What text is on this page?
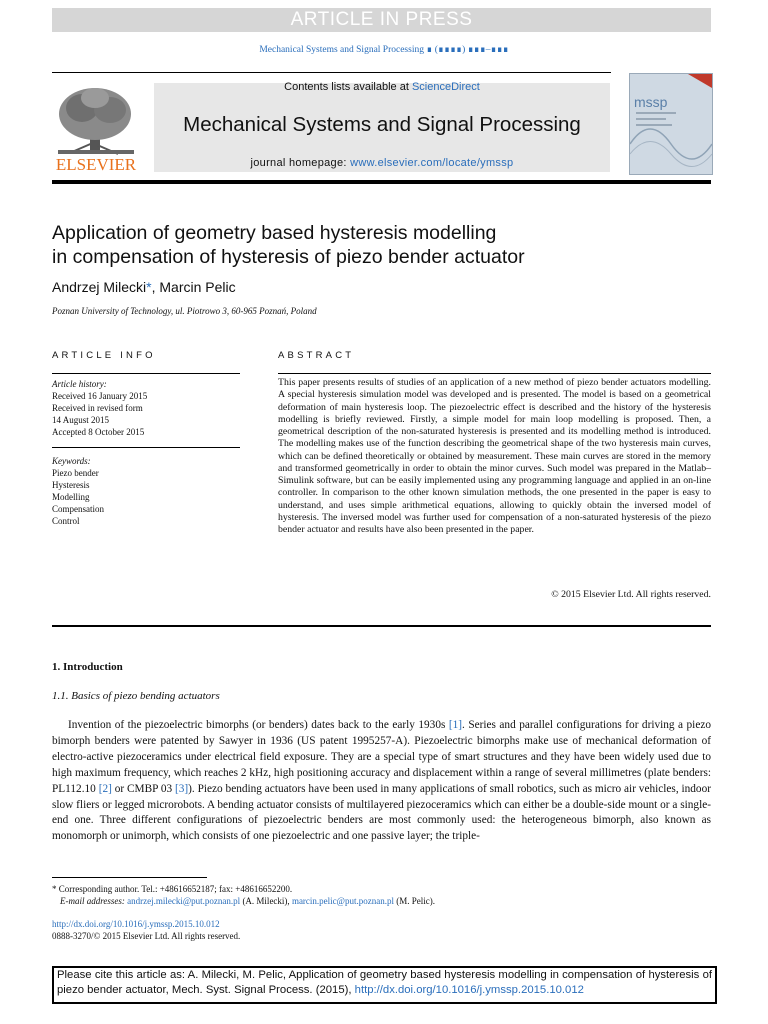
ARTICLE IN PRESS
Mechanical Systems and Signal Processing ∎ (∎∎∎∎) ∎∎∎–∎∎∎
ELSEVIER
Contents lists available at ScienceDirect
Mechanical Systems and Signal Processing
journal homepage: www.elsevier.com/locate/ymssp
mssp
Application of geometry based hysteresis modelling
in compensation of hysteresis of piezo bender actuator
Andrzej Milecki*, Marcin Pelic
Poznan University of Technology, ul. Piotrowo 3, 60-965 Poznań, Poland
ARTICLE INFO	ABSTRACT
Article history:
Received 16 January 2015
Received in revised form
14 August 2015
Accepted 8 October 2015
Keywords:
Piezo bender
Hysteresis
Modelling
Compensation
Control
This paper presents results of studies of an application of a new method of piezo bender actuators modelling. A special hysteresis simulation model was developed and is presented. The model is based on a geometrical deformation of main hysteresis loop. The piezoelectric effect is described and the history of the hysteresis modelling is briefly reviewed. Firstly, a simple model for main loop modelling is proposed. Then, a geometrical description of the non-saturated hysteresis is presented and its modelling method is introduced. The modelling makes use of the function describing the geometrical shape of the two hysteresis main curves, which can be defined theoretically or obtained by measurement. These main curves are stored in the memory and transformed geometrically in order to obtain the minor curves. Such model was prepared in the Matlab–Simulink software, but can be easily implemented using any programming language and applied in an on-line controller. In comparison to the other known simulation methods, the one presented in the paper is easy to understand, and uses simple arithmetical equations, allowing to quickly obtain the inversed model of hysteresis. The inversed model was further used for compensation of a non-saturated hysteresis of the piezo bender actuator and results have also been presented in the paper.
© 2015 Elsevier Ltd. All rights reserved.
1. Introduction
1.1. Basics of piezo bending actuators
Invention of the piezoelectric bimorphs (or benders) dates back to the early 1930s [1]. Series and parallel configurations for driving a piezo bimorph benders were patented by Sawyer in 1936 (US patent 1995257-A). Piezoelectric bimorphs make use of mechanical deformation of electro-active piezoceramics under electrical field exposure. They are a special type of smart structures and they have been widely used due to high maximum frequency, which reaches 2 kHz, high positioning accuracy and displacement within a range of several millimetres (plate benders: PL112.10 [2] or CMBP 03 [3]). Piezo bending actuators have been used in many applications of small robotics, such as micro air vehicles, indoor slow fliers or legged microrobots. A bending actuator consists of multilayered piezoceramics which can either be a double-side mount or a single-end one. Three different configurations of piezoelectric benders are most commonly used: the heterogeneous bimorph, also known as monomorph or unimorph, which consists of one piezoelectric and one passive layer; the triple-
* Corresponding author. Tel.: +48616652187; fax: +48616652200.
E-mail addresses: andrzej.milecki@put.poznan.pl (A. Milecki), marcin.pelic@put.poznan.pl (M. Pelic).
http://dx.doi.org/10.1016/j.ymssp.2015.10.012
0888-3270/© 2015 Elsevier Ltd. All rights reserved.
Please cite this article as: A. Milecki, M. Pelic, Application of geometry based hysteresis modelling in compensation of hysteresis of piezo bender actuator, Mech. Syst. Signal Process. (2015), http://dx.doi.org/10.1016/j.ymssp.2015.10.012
